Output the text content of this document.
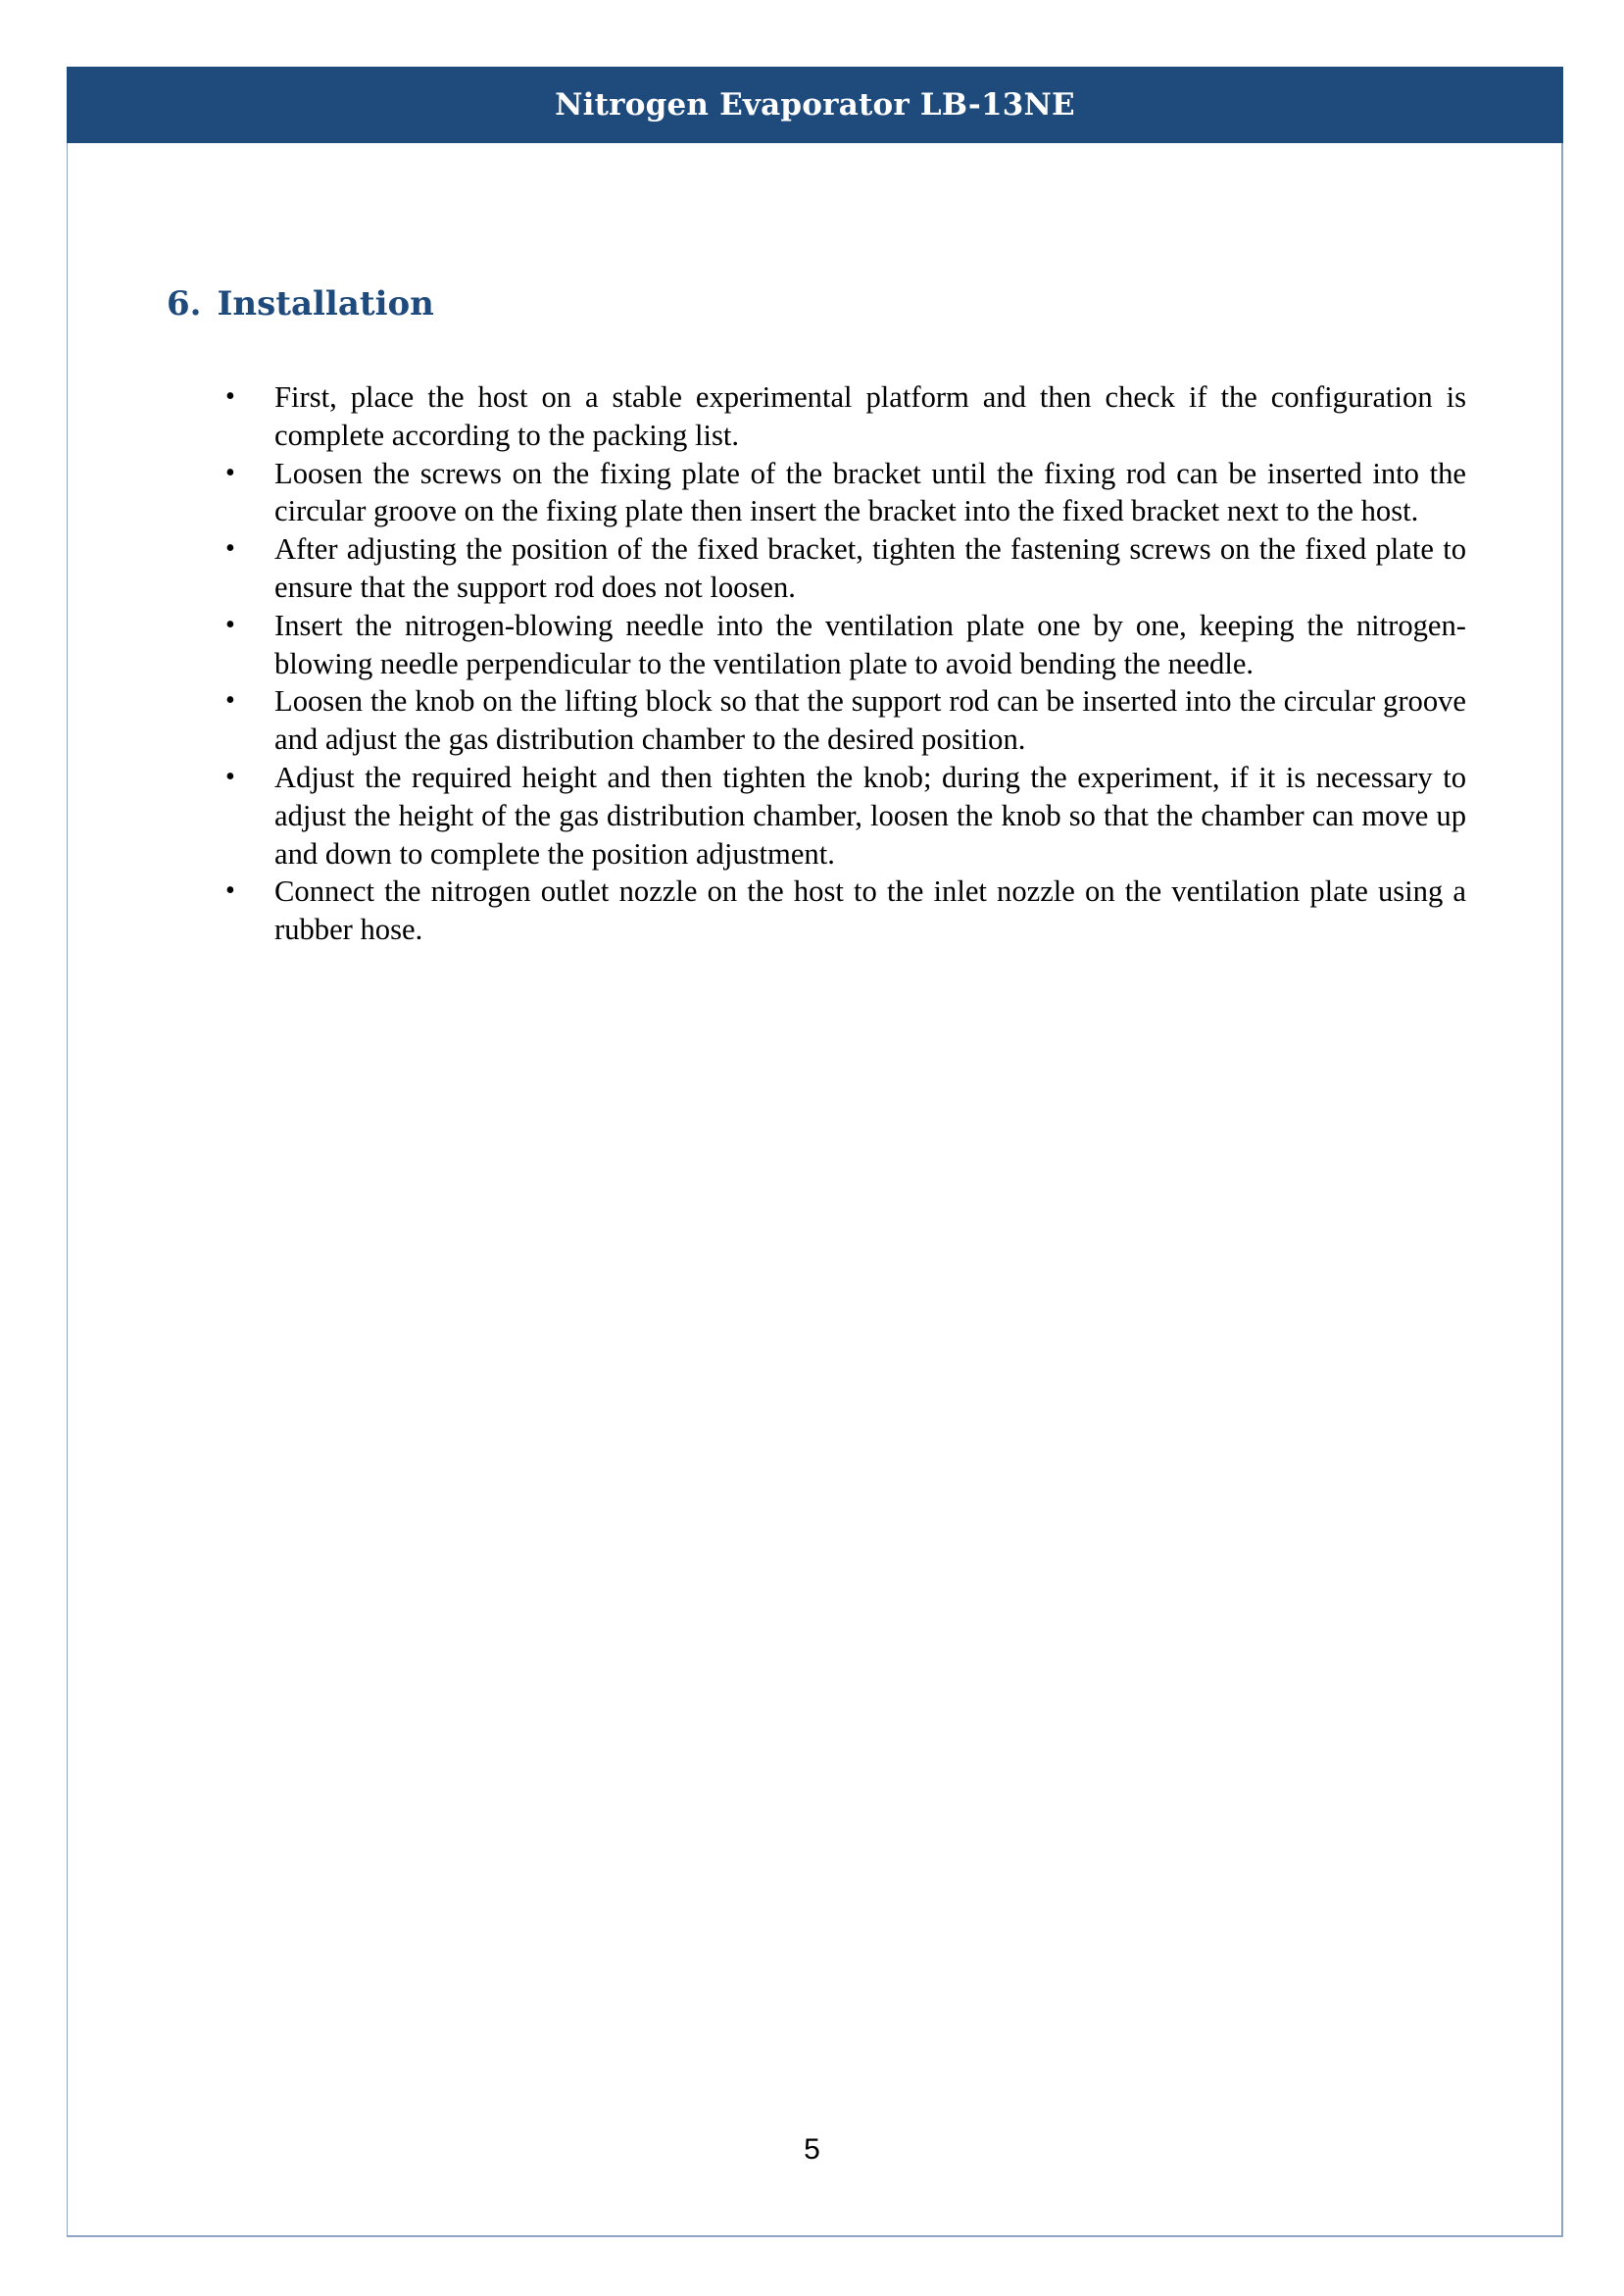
Nitrogen Evaporator LB-13NE
6. Installation
• First, place the host on a stable experimental platform and then check if the configuration is complete according to the packing list.
• Loosen the screws on the fixing plate of the bracket until the fixing rod can be inserted into the circular groove on the fixing plate then insert the bracket into the fixed bracket next to the host.
• After adjusting the position of the fixed bracket, tighten the fastening screws on the fixed plate to ensure that the support rod does not loosen.
• Insert the nitrogen-blowing needle into the ventilation plate one by one, keeping the nitrogen-blowing needle perpendicular to the ventilation plate to avoid bending the needle.
• Loosen the knob on the lifting block so that the support rod can be inserted into the circular groove and adjust the gas distribution chamber to the desired position.
• Adjust the required height and then tighten the knob; during the experiment, if it is necessary to adjust the height of the gas distribution chamber, loosen the knob so that the chamber can move up and down to complete the position adjustment.
• Connect the nitrogen outlet nozzle on the host to the inlet nozzle on the ventilation plate using a rubber hose.
5
